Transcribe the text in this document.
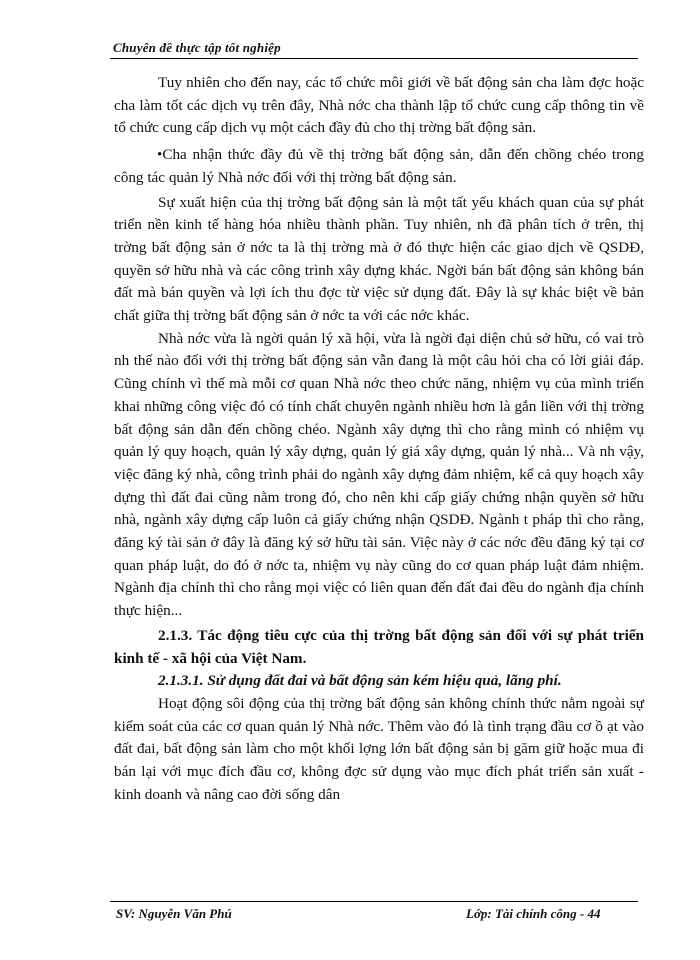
Chuyên đề thực tập tốt nghiệp

Tuy nhiên cho đến nay, các tổ chức môi giới về bất động sản cha làm đợc hoặc cha làm tốt các dịch vụ trên đây, Nhà nớc cha thành lập tổ chức cung cấp thông tin về tổ chức cung cấp dịch vụ một cách đầy đủ cho thị trờng bất động sản.

•Cha nhận thức đầy đủ về thị trờng bất động sản, dẫn đến chồng chéo trong công tác quản lý Nhà nớc đối với thị trờng bất động sản.

Sự xuất hiện của thị trờng bất động sản là một tất yếu khách quan của sự phát triển nền kinh tế hàng hóa nhiều thành phần. Tuy nhiên, nh đã phân tích ở trên, thị trờng bất động sản ở nớc ta là thị trờng mà ở đó thực hiện các giao dịch về QSDĐ, quyền sở hữu nhà và các công trình xây dựng khác. Ngời bán bất động sản không bán đất mà bán quyền và lợi ích thu đợc từ việc sử dụng đất. Đây là sự khác biệt về bản chất giữa thị trờng bất động sản ở nớc ta với các nớc khác.

Nhà nớc vừa là ngời quản lý xã hội, vừa là ngời đại diện chủ sở hữu, có vai trò nh thế nào đối với thị trờng bất động sản vẫn đang là một câu hỏi cha có lời giải đáp. Cũng chính vì thế mà mỗi cơ quan Nhà nớc theo chức năng, nhiệm vụ của mình triển khai những công việc đó có tính chất chuyên ngành nhiều hơn là gắn liền với thị trờng bất động sản dẫn đến chồng chéo. Ngành xây dựng thì cho rằng mình có nhiệm vụ quản lý quy hoạch, quản lý xây dựng, quản lý giá xây dựng, quản lý nhà... Và nh vậy, việc đăng ký nhà, công trình phải do ngành xây dựng đảm nhiệm, kể cả quy hoạch xây dựng thì đất đai cũng nằm trong đó, cho nên khi cấp giấy chứng nhận quyền sở hữu nhà, ngành xây dựng cấp luôn cả giấy chứng nhận QSDĐ. Ngành t pháp thì cho rằng, đăng ký tài sản ở đây là đăng ký sở hữu tài sản. Việc này ở các nớc đều đăng ký tại cơ quan pháp luật, do đó ở nớc ta, nhiệm vụ này cũng do cơ quan pháp luật đảm nhiệm. Ngành địa chính thì cho rằng mọi việc có liên quan đến đất đai đều do ngành địa chính thực hiện...

2.1.3. Tác động tiêu cực của thị trờng bất động sản đối với sự phát triển kinh tế - xã hội của Việt Nam.
2.1.3.1. Sử dụng đất đai và bất động sản kém hiệu quả, lãng phí.

Hoạt động sôi động của thị trờng bất động sản không chính thức nằm ngoài sự kiểm soát của các cơ quan quản lý Nhà nớc. Thêm vào đó là tình trạng đầu cơ ồ ạt vào đất đai, bất động sản làm cho một khối lợng lớn bất động sản bị găm giữ hoặc mua đi bán lại với mục đích đầu cơ, không đợc sử dụng vào mục đích phát triển sản xuất - kinh doanh và nâng cao đời sống dân

SV: Nguyễn Văn Phú	Lớp: Tài chính công - 44
